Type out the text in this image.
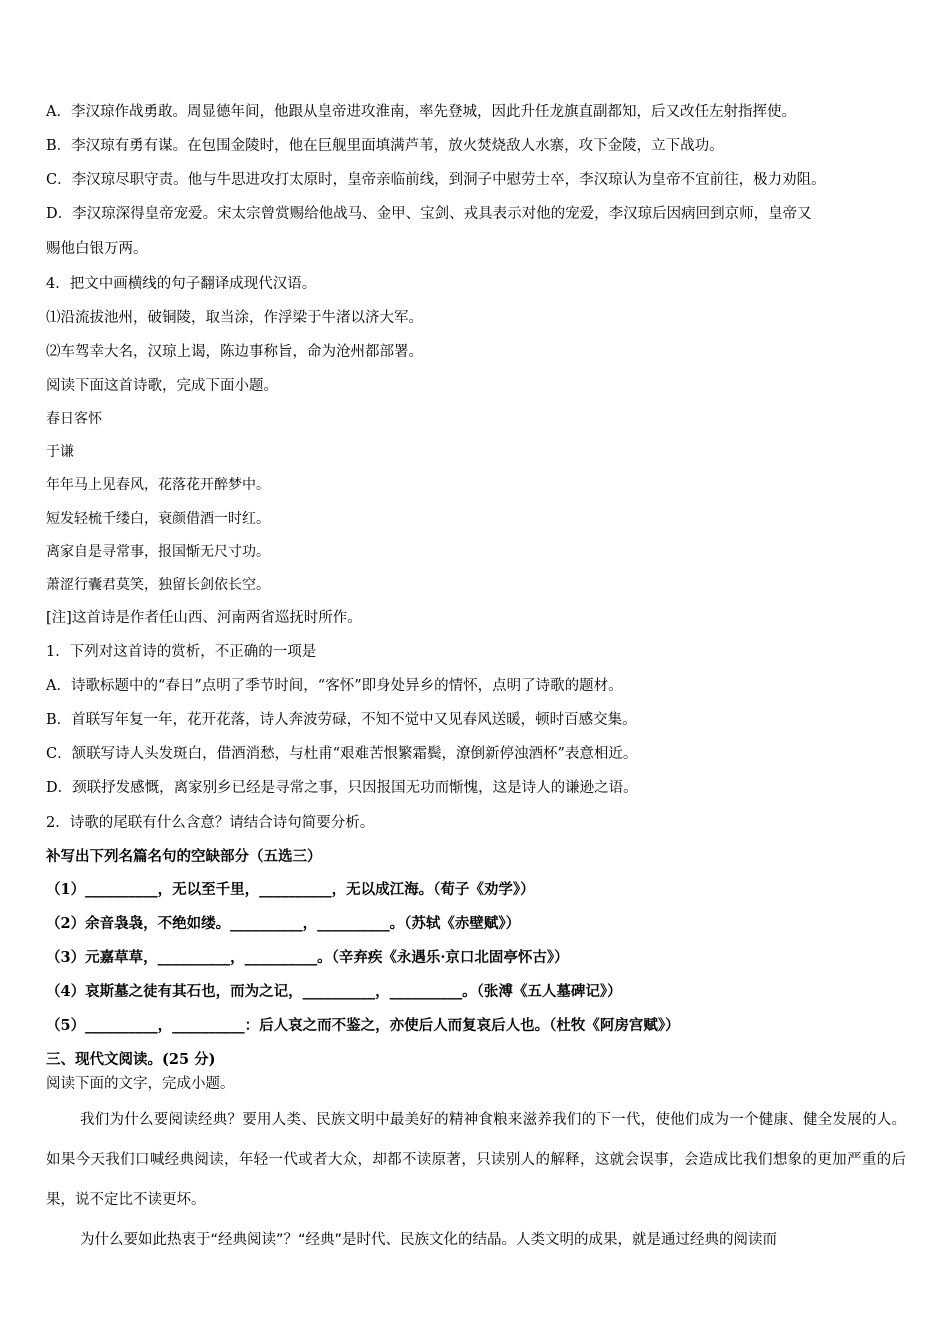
A．李汉琼作战勇敢。周显德年间，他跟从皇帝进攻淮南，率先登城，因此升任龙旗直副都知，后又改任左射指挥使。
B．李汉琼有勇有谋。在包围金陵时，他在巨舰里面填满芦苇，放火焚烧敌人水寨，攻下金陵，立下战功。
C．李汉琼尽职守责。他与牛思进攻打太原时，皇帝亲临前线，到洞子中慰劳士卒，李汉琼认为皇帝不宜前往，极力劝阻。
D．李汉琼深得皇帝宠爱。宋太宗曾赏赐给他战马、金甲、宝剑、戎具表示对他的宠爱，李汉琼后因病回到京师，皇帝又
赐他白银万两。
4．把文中画横线的句子翻译成现代汉语。
⑴沿流拔池州，破铜陵，取当涂，作浮梁于牛渚以济大军。
⑵车驾幸大名，汉琼上谒，陈边事称旨，命为沧州都部署。
阅读下面这首诗歌，完成下面小题。
春日客怀
于谦
年年马上见春风，花落花开醉梦中。
短发轻梳千缕白，衰颜借酒一时红。
离家自是寻常事，报国惭无尺寸功。
萧涩行囊君莫笑，独留长剑依长空。
[注]这首诗是作者任山西、河南两省巡抚时所作。
1．下列对这首诗的赏析，不正确的一项是
A．诗歌标题中的“春日”点明了季节时间，“客怀”即身处异乡的情怀，点明了诗歌的题材。
B．首联写年复一年，花开花落，诗人奔波劳碌，不知不觉中又见春风送暖，顿时百感交集。
C．颔联写诗人头发斑白，借酒消愁，与杜甫“艰难苦恨繁霜鬓，潦倒新停浊酒杯”表意相近。
D．颈联抒发感慨，离家别乡已经是寻常之事，只因报国无功而惭愧，这是诗人的谦逊之语。
2．诗歌的尾联有什么含意？请结合诗句简要分析。
补写出下列名篇名句的空缺部分（五选三）
（1）__________，无以至千里，__________，无以成江海。（荀子《劝学》）
（2）余音袅袅，不绝如缕。__________，__________。（苏轼《赤壁赋》）
（3）元嘉草草，__________，__________。（辛弃疾《永遇乐·京口北固亭怀古》）
（4）哀斯墓之徒有其石也，而为之记，__________，__________。（张溥《五人墓碑记》）
（5）__________，__________：后人哀之而不鉴之，亦使后人而复哀后人也。（杜牧《阿房宫赋》）
三、现代文阅读。(25 分)
阅读下面的文字，完成小题。
我们为什么要阅读经典？要用人类、民族文明中最美好的精神食粮来滋养我们的下一代，使他们成为一个健康、健全发展的人。如果今天我们口喊经典阅读，年轻一代或者大众，却都不读原著，只读别人的解释，这就会误事，会造成比我们想象的更加严重的后果，说不定比不读更坏。
为什么要如此热衷于“经典阅读”？“经典”是时代、民族文化的结晶。人类文明的成果，就是通过经典的阅读而
